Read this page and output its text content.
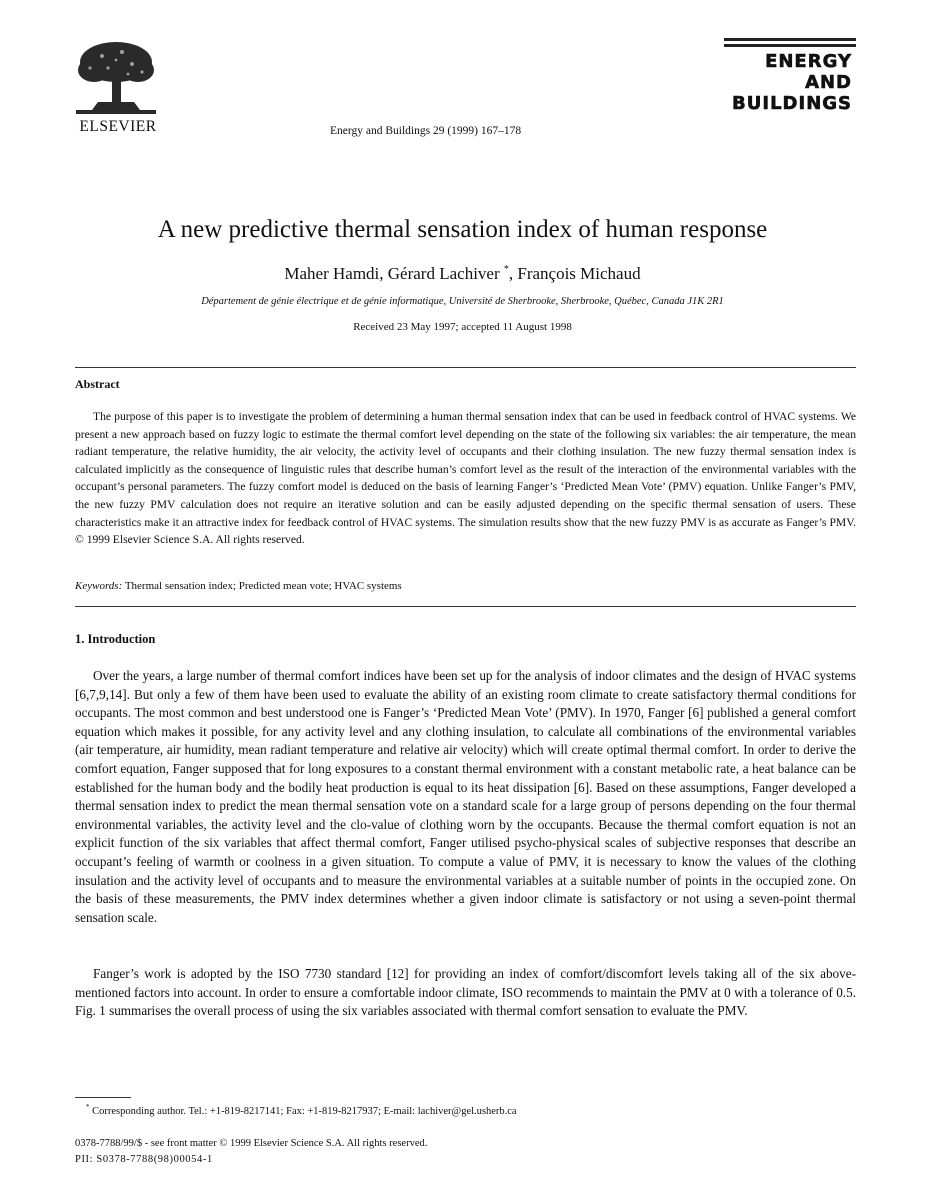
ELSEVIER	Energy and Buildings 29 (1999) 167–178
ENERGY
AND
BUILDINGS
A new predictive thermal sensation index of human response
Maher Hamdi, Gérard Lachiver *, François Michaud
Département de génie électrique et de génie informatique, Université de Sherbrooke, Sherbrooke, Québec, Canada J1K 2R1
Received 23 May 1997; accepted 11 August 1998
Abstract

The purpose of this paper is to investigate the problem of determining a human thermal sensation index that can be used in feedback control of HVAC systems. We present a new approach based on fuzzy logic to estimate the thermal comfort level depending on the state of the following six variables: the air temperature, the mean radiant temperature, the relative humidity, the air velocity, the activity level of occupants and their clothing insulation. The new fuzzy thermal sensation index is calculated implicitly as the consequence of linguistic rules that describe human’s comfort level as the result of the interaction of the environmental variables with the occupant’s personal parameters. The fuzzy comfort model is deduced on the basis of learning Fanger’s ‘Predicted Mean Vote’ (PMV) equation. Unlike Fanger’s PMV, the new fuzzy PMV calculation does not require an iterative solution and can be easily adjusted depending on the specific thermal sensation of users. These characteristics make it an attractive index for feedback control of HVAC systems. The simulation results show that the new fuzzy PMV is as accurate as Fanger’s PMV. © 1999 Elsevier Science S.A. All rights reserved.

Keywords: Thermal sensation index; Predicted mean vote; HVAC systems
1. Introduction

Over the years, a large number of thermal comfort indices have been set up for the analysis of indoor climates and the design of HVAC systems [6,7,9,14]. But only a few of them have been used to evaluate the ability of an existing room climate to create satisfactory thermal conditions for occupants. The most common and best understood one is Fanger’s ‘Predicted Mean Vote’ (PMV). In 1970, Fanger [6] published a general comfort equation which makes it possible, for any activity level and any clothing insulation, to calculate all combinations of the environmental variables (air temperature, air humidity, mean radiant temperature and relative air velocity) which will create optimal thermal comfort. In order to derive the comfort equation, Fanger supposed that for long exposures to a constant thermal environment with a constant metabolic rate, a heat balance can be established for the human body and the bodily heat production is equal to its heat dissipation [6]. Based on these assumptions, Fanger developed a thermal sensation index to predict the mean thermal sensation vote on a standard scale for a large group of persons depending on the four thermal environmental variables, the activity level and the clo-value of clothing worn by the occupants. Because the thermal comfort equation is not an explicit function of the six variables that affect thermal comfort, Fanger utilised psycho-physical scales of subjective responses that describe an occupant’s feeling of warmth or coolness in a given situation. To compute a value of PMV, it is necessary to know the values of the clothing insulation and the activity level of occupants and to measure the environmental variables at a suitable number of points in the occupied zone. On the basis of these measurements, the PMV index determines whether a given indoor climate is satisfactory or not using a seven-point thermal sensation scale.

Fanger’s work is adopted by the ISO 7730 standard [12] for providing an index of comfort/discomfort levels taking all of the six above-mentioned factors into account. In order to ensure a comfortable indoor climate, ISO recommends to maintain the PMV at 0 with a tolerance of 0.5. Fig. 1 summarises the overall process of using the six variables associated with thermal comfort sensation to evaluate the PMV.

* Corresponding author. Tel.: +1-819-8217141; Fax: +1-819-8217937; E-mail: lachiver@gel.usherb.ca
0378-7788/99/$ - see front matter © 1999 Elsevier Science S.A. All rights reserved.
PII: S0378-7788(98)00054-1
